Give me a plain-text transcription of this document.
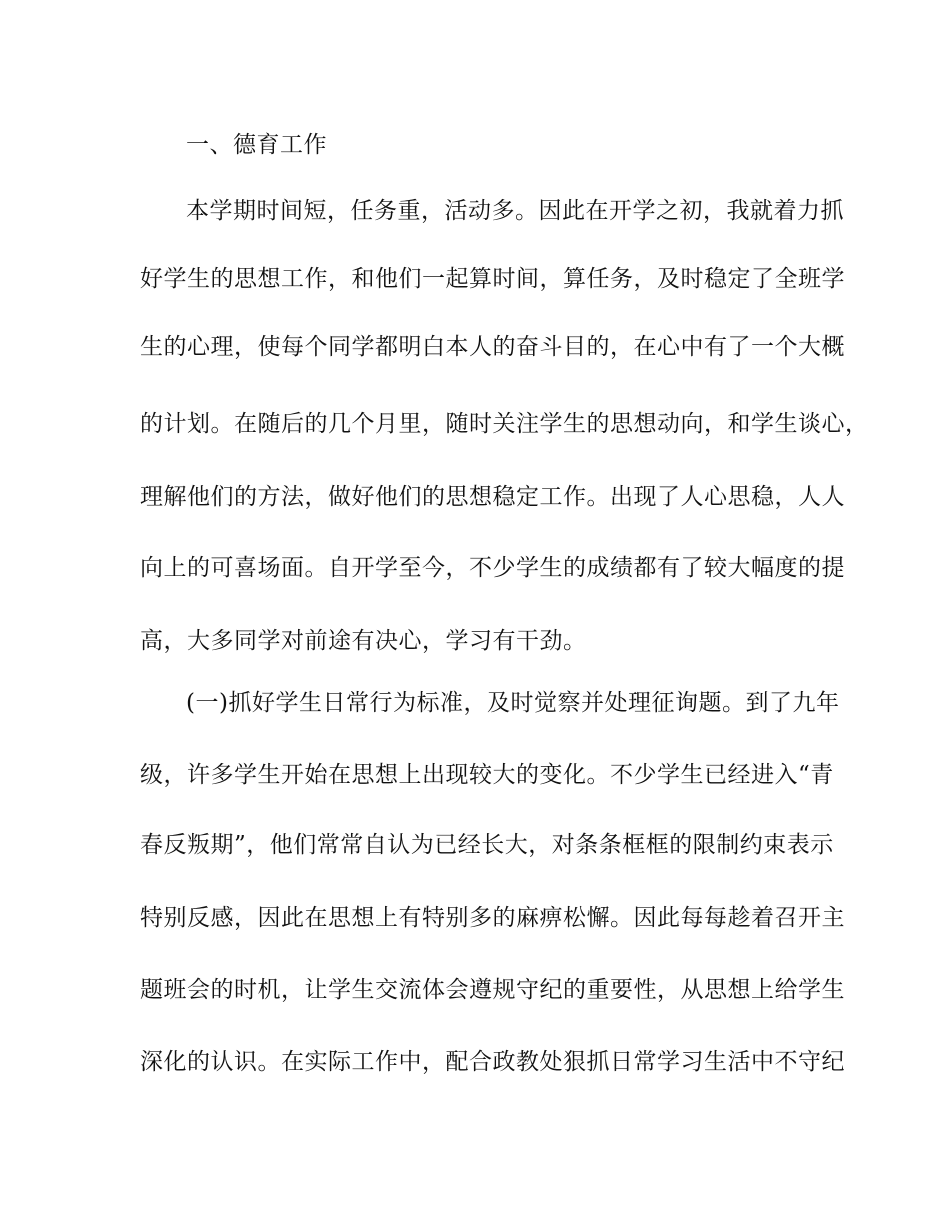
一、德育工作
本学期时间短，任务重，活动多。因此在开学之初，我就着力抓
好学生的思想工作，和他们一起算时间，算任务，及时稳定了全班学
生的心理，使每个同学都明白本人的奋斗目的，在心中有了一个大概
的计划。在随后的几个月里，随时关注学生的思想动向，和学生谈心，
理解他们的方法，做好他们的思想稳定工作。出现了人心思稳，人人
向上的可喜场面。自开学至今，不少学生的成绩都有了较大幅度的提
高，大多同学对前途有决心，学习有干劲。
(一)抓好学生日常行为标准，及时觉察并处理征询题。到了九年
级，许多学生开始在思想上出现较大的变化。不少学生已经进入“青
春反叛期”，他们常常自认为已经长大，对条条框框的限制约束表示
特别反感，因此在思想上有特别多的麻痹松懈。因此每每趁着召开主
题班会的时机，让学生交流体会遵规守纪的重要性，从思想上给学生
深化的认识。在实际工作中，配合政教处狠抓日常学习生活中不守纪
